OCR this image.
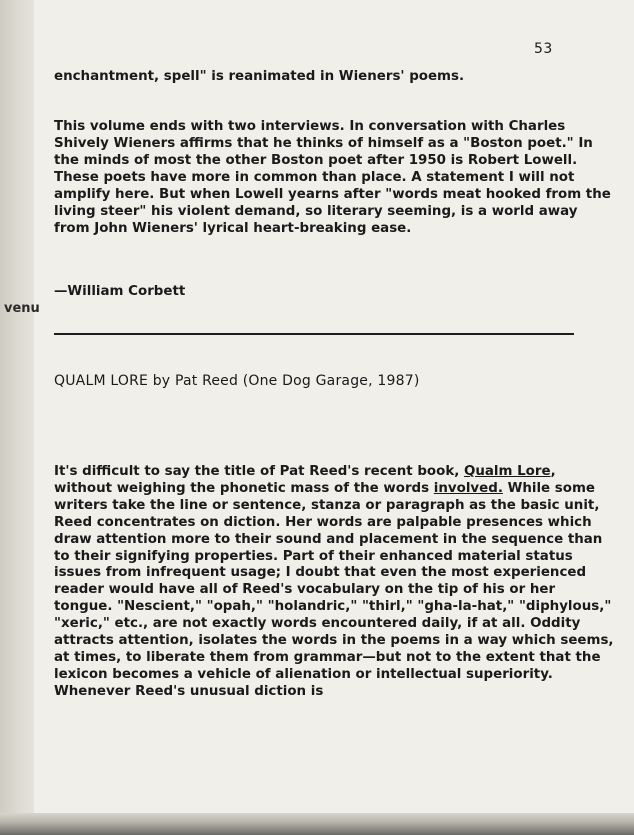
venu
53

enchantment, spell" is reanimated in Wieners' poems.

This volume ends with two interviews. In conversation with Charles Shively Wieners affirms that he thinks of himself as a "Boston poet." In the minds of most the other Boston poet after 1950 is Robert Lowell. These poets have more in common than place. A statement I will not amplify here. But when Lowell yearns after "words meat hooked from the living steer" his violent demand, so literary seeming, is a world away from John Wieners' lyrical heart-breaking ease.

—William Corbett

QUALM LORE by Pat Reed (One Dog Garage, 1987)

It's difficult to say the title of Pat Reed's recent book, Qualm Lore, without weighing the phonetic mass of the words involved. While some writers take the line or sentence, stanza or paragraph as the basic unit, Reed concentrates on diction. Her words are palpable presences which draw attention more to their sound and placement in the sequence than to their signifying properties. Part of their enhanced material status issues from infrequent usage; I doubt that even the most experienced reader would have all of Reed's vocabulary on the tip of his or her tongue. "Nescient," "opah," "holandric," "thirl," "gha-la-hat," "diphylous," "xeric," etc., are not exactly words encountered daily, if at all. Oddity attracts attention, isolates the words in the poems in a way which seems, at times, to liberate them from grammar—but not to the extent that the lexicon becomes a vehicle of alienation or intellectual superiority. Whenever Reed's unusual diction is
